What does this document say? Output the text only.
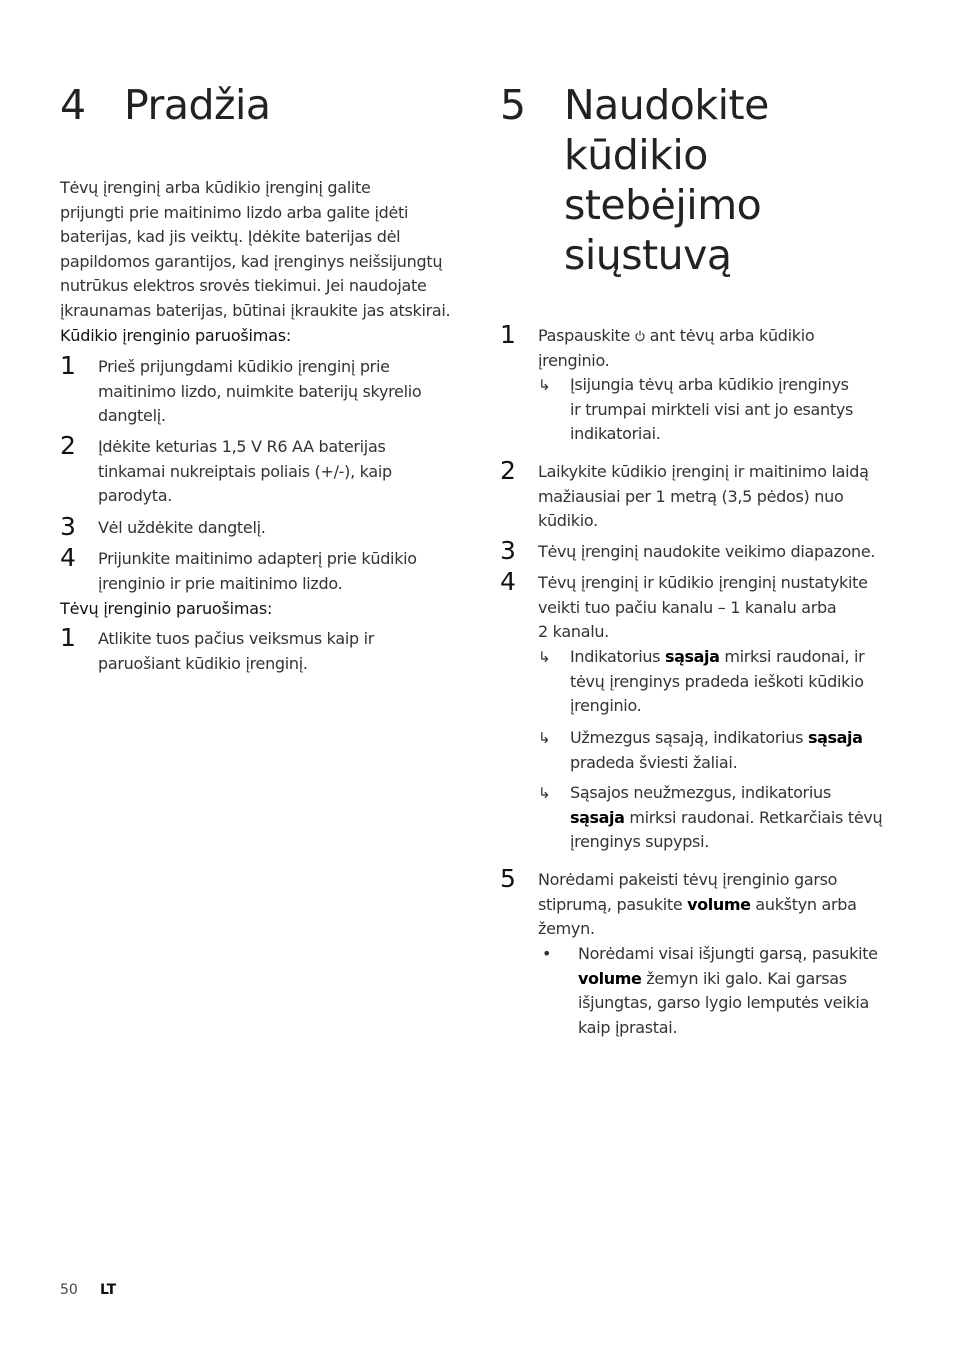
4 Pradžia
Tėvų įrenginį arba kūdikio įrenginį galite
prijungti prie maitinimo lizdo arba galite įdėti
baterijas, kad jis veiktų. Įdėkite baterijas dėl
papildomos garantijos, kad įrenginys neišsijungtų
nutrūkus elektros srovės tiekimui. Jei naudojate
įkraunamas baterijas, būtinai įkraukite jas atskirai.
Kūdikio įrenginio paruošimas:
1 Prieš prijungdami kūdikio įrenginį prie
maitinimo lizdo, nuimkite baterijų skyrelio
dangtelį.
2 Įdėkite keturias 1,5 V R6 AA baterijas
tinkamai nukreiptais poliais (+/-), kaip
parodyta.
3 Vėl uždėkite dangtelį.
4 Prijunkite maitinimo adapterį prie kūdikio
įrenginio ir prie maitinimo lizdo.
Tėvų įrenginio paruošimas:
1 Atlikite tuos pačius veiksmus kaip ir
paruošiant kūdikio įrenginį.
5 Naudokite
kūdikio
stebėjimo
siųstuvą
1 Paspauskite ant tėvų arba kūdikio
įrenginio.
↳ Įsijungia tėvų arba kūdikio įrenginys
ir trumpai mirkteli visi ant jo esantys
indikatoriai.
2 Laikykite kūdikio įrenginį ir maitinimo laidą
mažiausiai per 1 metrą (3,5 pėdos) nuo
kūdikio.
3 Tėvų įrenginį naudokite veikimo diapazone.
4 Tėvų įrenginį ir kūdikio įrenginį nustatykite
veikti tuo pačiu kanalu – 1 kanalu arba
2 kanalu.
↳ Indikatorius sąsaja mirksi raudonai, ir
tėvų įrenginys pradeda ieškoti kūdikio
įrenginio.
↳ Užmezgus sąsają, indikatorius sąsaja
pradeda šviesti žaliai.
↳ Sąsajos neužmezgus, indikatorius
sąsaja mirksi raudonai. Retkarčiais tėvų
įrenginys supypsi.
5 Norėdami pakeisti tėvų įrenginio garso
stiprumą, pasukite volume aukštyn arba
žemyn.
• Norėdami visai išjungti garsą, pasukite
volume žemyn iki galo. Kai garsas
išjungtas, garso lygio lemputės veikia
kaip įprastai.
50 LT
